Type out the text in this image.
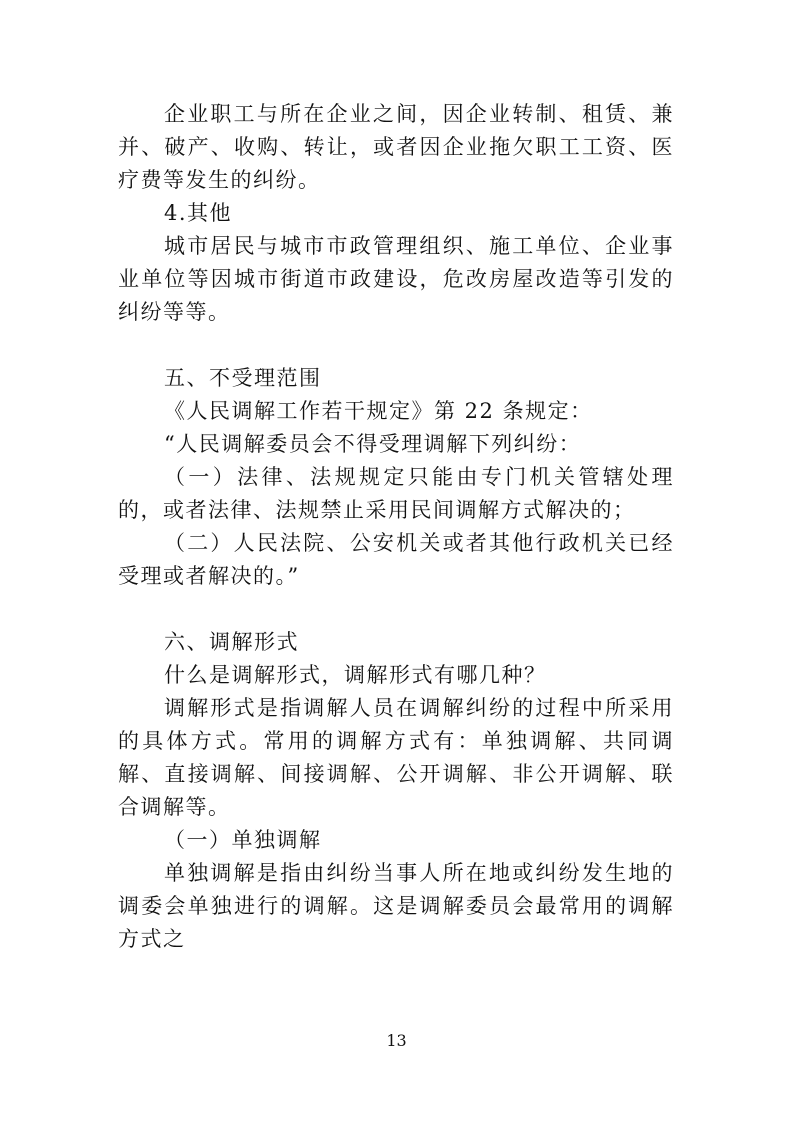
企业职工与所在企业之间，因企业转制、租赁、兼并、破产、收购、转让，或者因企业拖欠职工工资、医疗费等发生的纠纷。

4.其他

城市居民与城市市政管理组织、施工单位、企业事业单位等因城市街道市政建设，危改房屋改造等引发的纠纷等等。

五、不受理范围

《人民调解工作若干规定》第 22 条规定：

“人民调解委员会不得受理调解下列纠纷：

（一）法律、法规规定只能由专门机关管辖处理的，或者法律、法规禁止采用民间调解方式解决的；

（二）人民法院、公安机关或者其他行政机关已经受理或者解决的。”

六、调解形式

什么是调解形式，调解形式有哪几种？

调解形式是指调解人员在调解纠纷的过程中所采用的具体方式。常用的调解方式有：单独调解、共同调解、直接调解、间接调解、公开调解、非公开调解、联合调解等。

（一）单独调解

单独调解是指由纠纷当事人所在地或纠纷发生地的调委会单独进行的调解。这是调解委员会最常用的调解方式之

13
